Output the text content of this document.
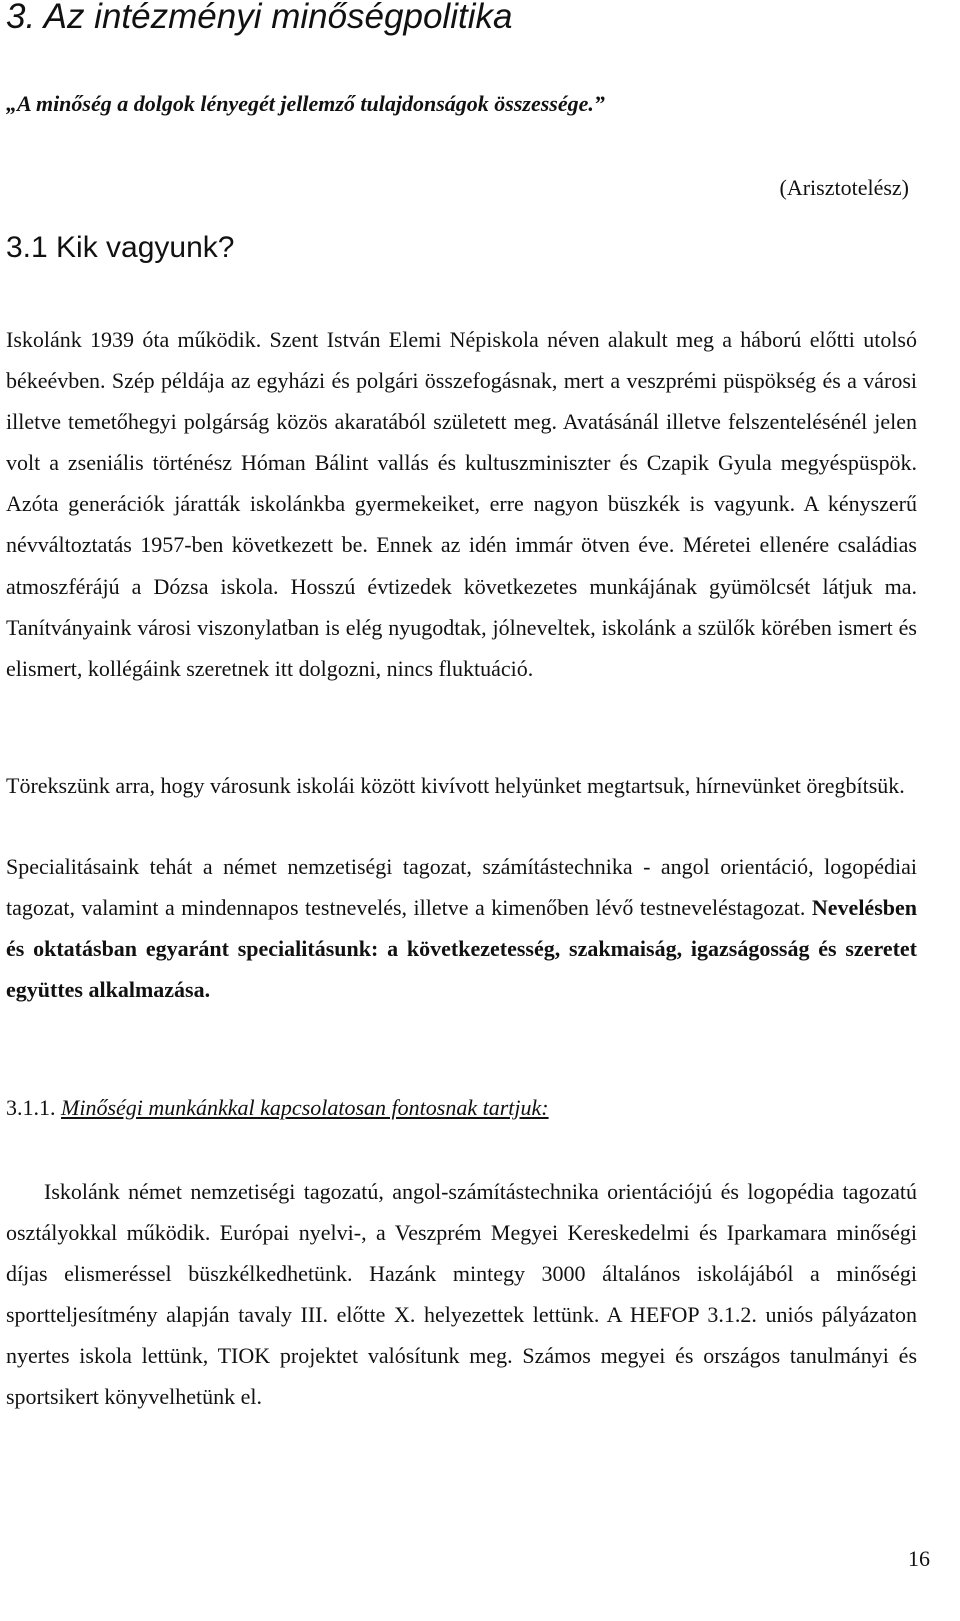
3. Az intézményi minőségpolitika
„A minőség a dolgok lényegét jellemző tulajdonságok összessége.”
(Arisztotelész)
3.1 Kik vagyunk?

Iskolánk 1939 óta működik. Szent István Elemi Népiskola néven alakult meg a háború előtti utolsó békeévben. Szép példája az egyházi és polgári összefogásnak, mert a veszprémi püspökség és a városi illetve temetőhegyi polgárság közös akaratából született meg. Avatásánál illetve felszentelésénél jelen volt a zseniális történész Hóman Bálint vallás és kultuszminiszter és Czapik Gyula megyéspüspök. Azóta generációk járatták iskolánkba gyermekeiket, erre nagyon büszkék is vagyunk. A kényszerű névváltoztatás 1957-ben következett be. Ennek az idén immár ötven éve. Méretei ellenére családias atmoszférájú a Dózsa iskola. Hosszú évtizedek következetes munkájának gyümölcsét látjuk ma. Tanítványaink városi viszonylatban is elég nyugodtak, jólneveltek, iskolánk a szülők körében ismert és elismert, kollégáink szeretnek itt dolgozni, nincs fluktuáció.

Törekszünk arra, hogy városunk iskolái között kivívott helyünket megtartsuk, hírnevünket öregbítsük.

Specialitásaink tehát a német nemzetiségi tagozat, számítástechnika - angol orientáció, logopédiai tagozat, valamint a mindennapos testnevelés, illetve a kimenőben lévő testneveléstagozat. Nevelésben és oktatásban egyaránt specialitásunk: a következetesség, szakmaiság, igazságosság és szeretet együttes alkalmazása.

3.1.1. Minőségi munkánkkal kapcsolatosan fontosnak tartjuk:

Iskolánk német nemzetiségi tagozatú, angol-számítástechnika orientációjú és logopédia tagozatú osztályokkal működik. Európai nyelvi-, a Veszprém Megyei Kereskedelmi és Iparkamara minőségi díjas elismeréssel büszkélkedhetünk. Hazánk mintegy 3000 általános iskolájából a minőségi sportteljesítmény alapján tavaly III. előtte X. helyezettek lettünk. A HEFOP 3.1.2. uniós pályázaton nyertes iskola lettünk, TIOK projektet valósítunk meg. Számos megyei és országos tanulmányi és sportsikert könyvelhetünk el.

16
